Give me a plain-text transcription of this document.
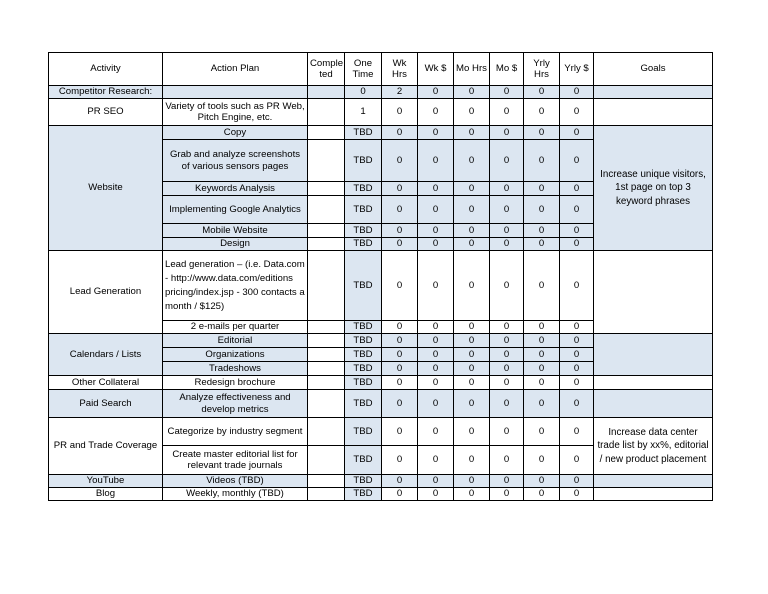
Activity	Action Plan	Comple ted	One Time	Wk Hrs	Wk $	Mo Hrs	Mo $	Yrly Hrs	Yrly $	Goals
Competitor Research:			0	2	0	0	0	0	0	
PR SEO	Variety of tools such as PR Web, Pitch Engine, etc.		1	0	0	0	0	0	0	
Website	Copy		TBD	0	0	0	0	0	0	Increase unique visitors, 1st page on top 3 keyword phrases
	Grab and analyze screenshots of various sensors pages		TBD	0	0	0	0	0	0	
	Keywords Analysis		TBD	0	0	0	0	0	0	
	Implementing Google Analytics		TBD	0	0	0	0	0	0	
	Mobile Website		TBD	0	0	0	0	0	0	
	Design		TBD	0	0	0	0	0	0	
Lead Generation	Lead generation – (i.e. Data.com - http://www.data.com/editions pricing/index.jsp - 300 contacts a month / $125)		TBD	0	0	0	0	0	0	
	2 e-mails per quarter		TBD	0	0	0	0	0	0	
Calendars / Lists	Editorial		TBD	0	0	0	0	0	0	
	Organizations		TBD	0	0	0	0	0	0	
	Tradeshows		TBD	0	0	0	0	0	0	
Other Collateral	Redesign brochure		TBD	0	0	0	0	0	0	
Paid Search	Analyze effectiveness and develop metrics		TBD	0	0	0	0	0	0	
PR and Trade Coverage	Categorize by industry segment		TBD	0	0	0	0	0	0	Increase data center trade list by xx%, editorial / new product placement
	Create master editorial list for relevant trade journals		TBD	0	0	0	0	0	0	
YouTube	Videos (TBD)		TBD	0	0	0	0	0	0	
Blog	Weekly, monthly (TBD)		TBD	0	0	0	0	0	0	
